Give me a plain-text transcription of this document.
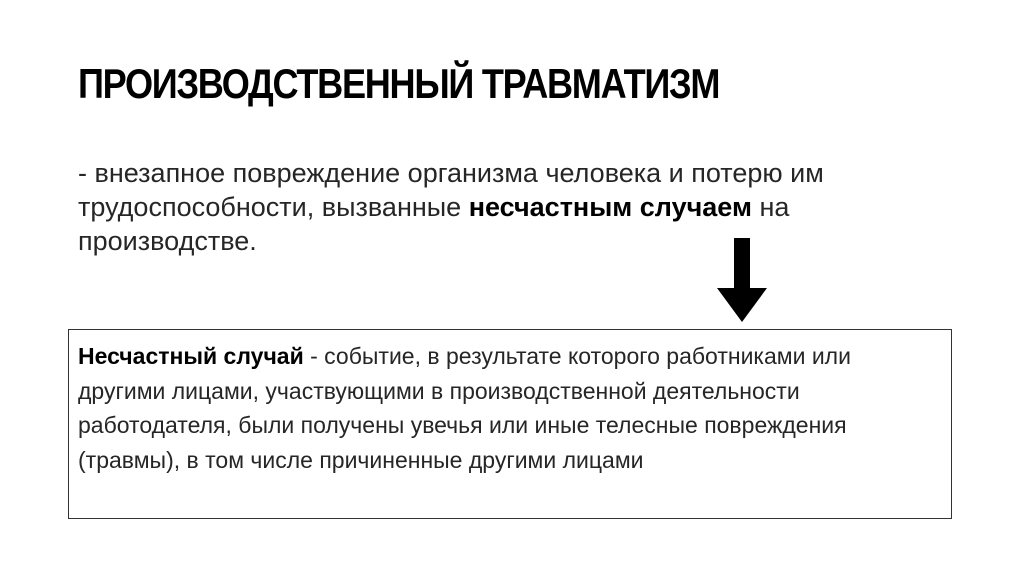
ПРОИЗВОДСТВЕННЫЙ ТРАВМАТИЗМ

- внезапное повреждение организма человека и потерю им трудоспособности, вызванные несчастным случаем на производстве.

Несчастный случай - событие, в результате которого работниками или другими лицами, участвующими в производственной деятельности работодателя, были получены увечья или иные телесные повреждения (травмы), в том числе причиненные другими лицами
